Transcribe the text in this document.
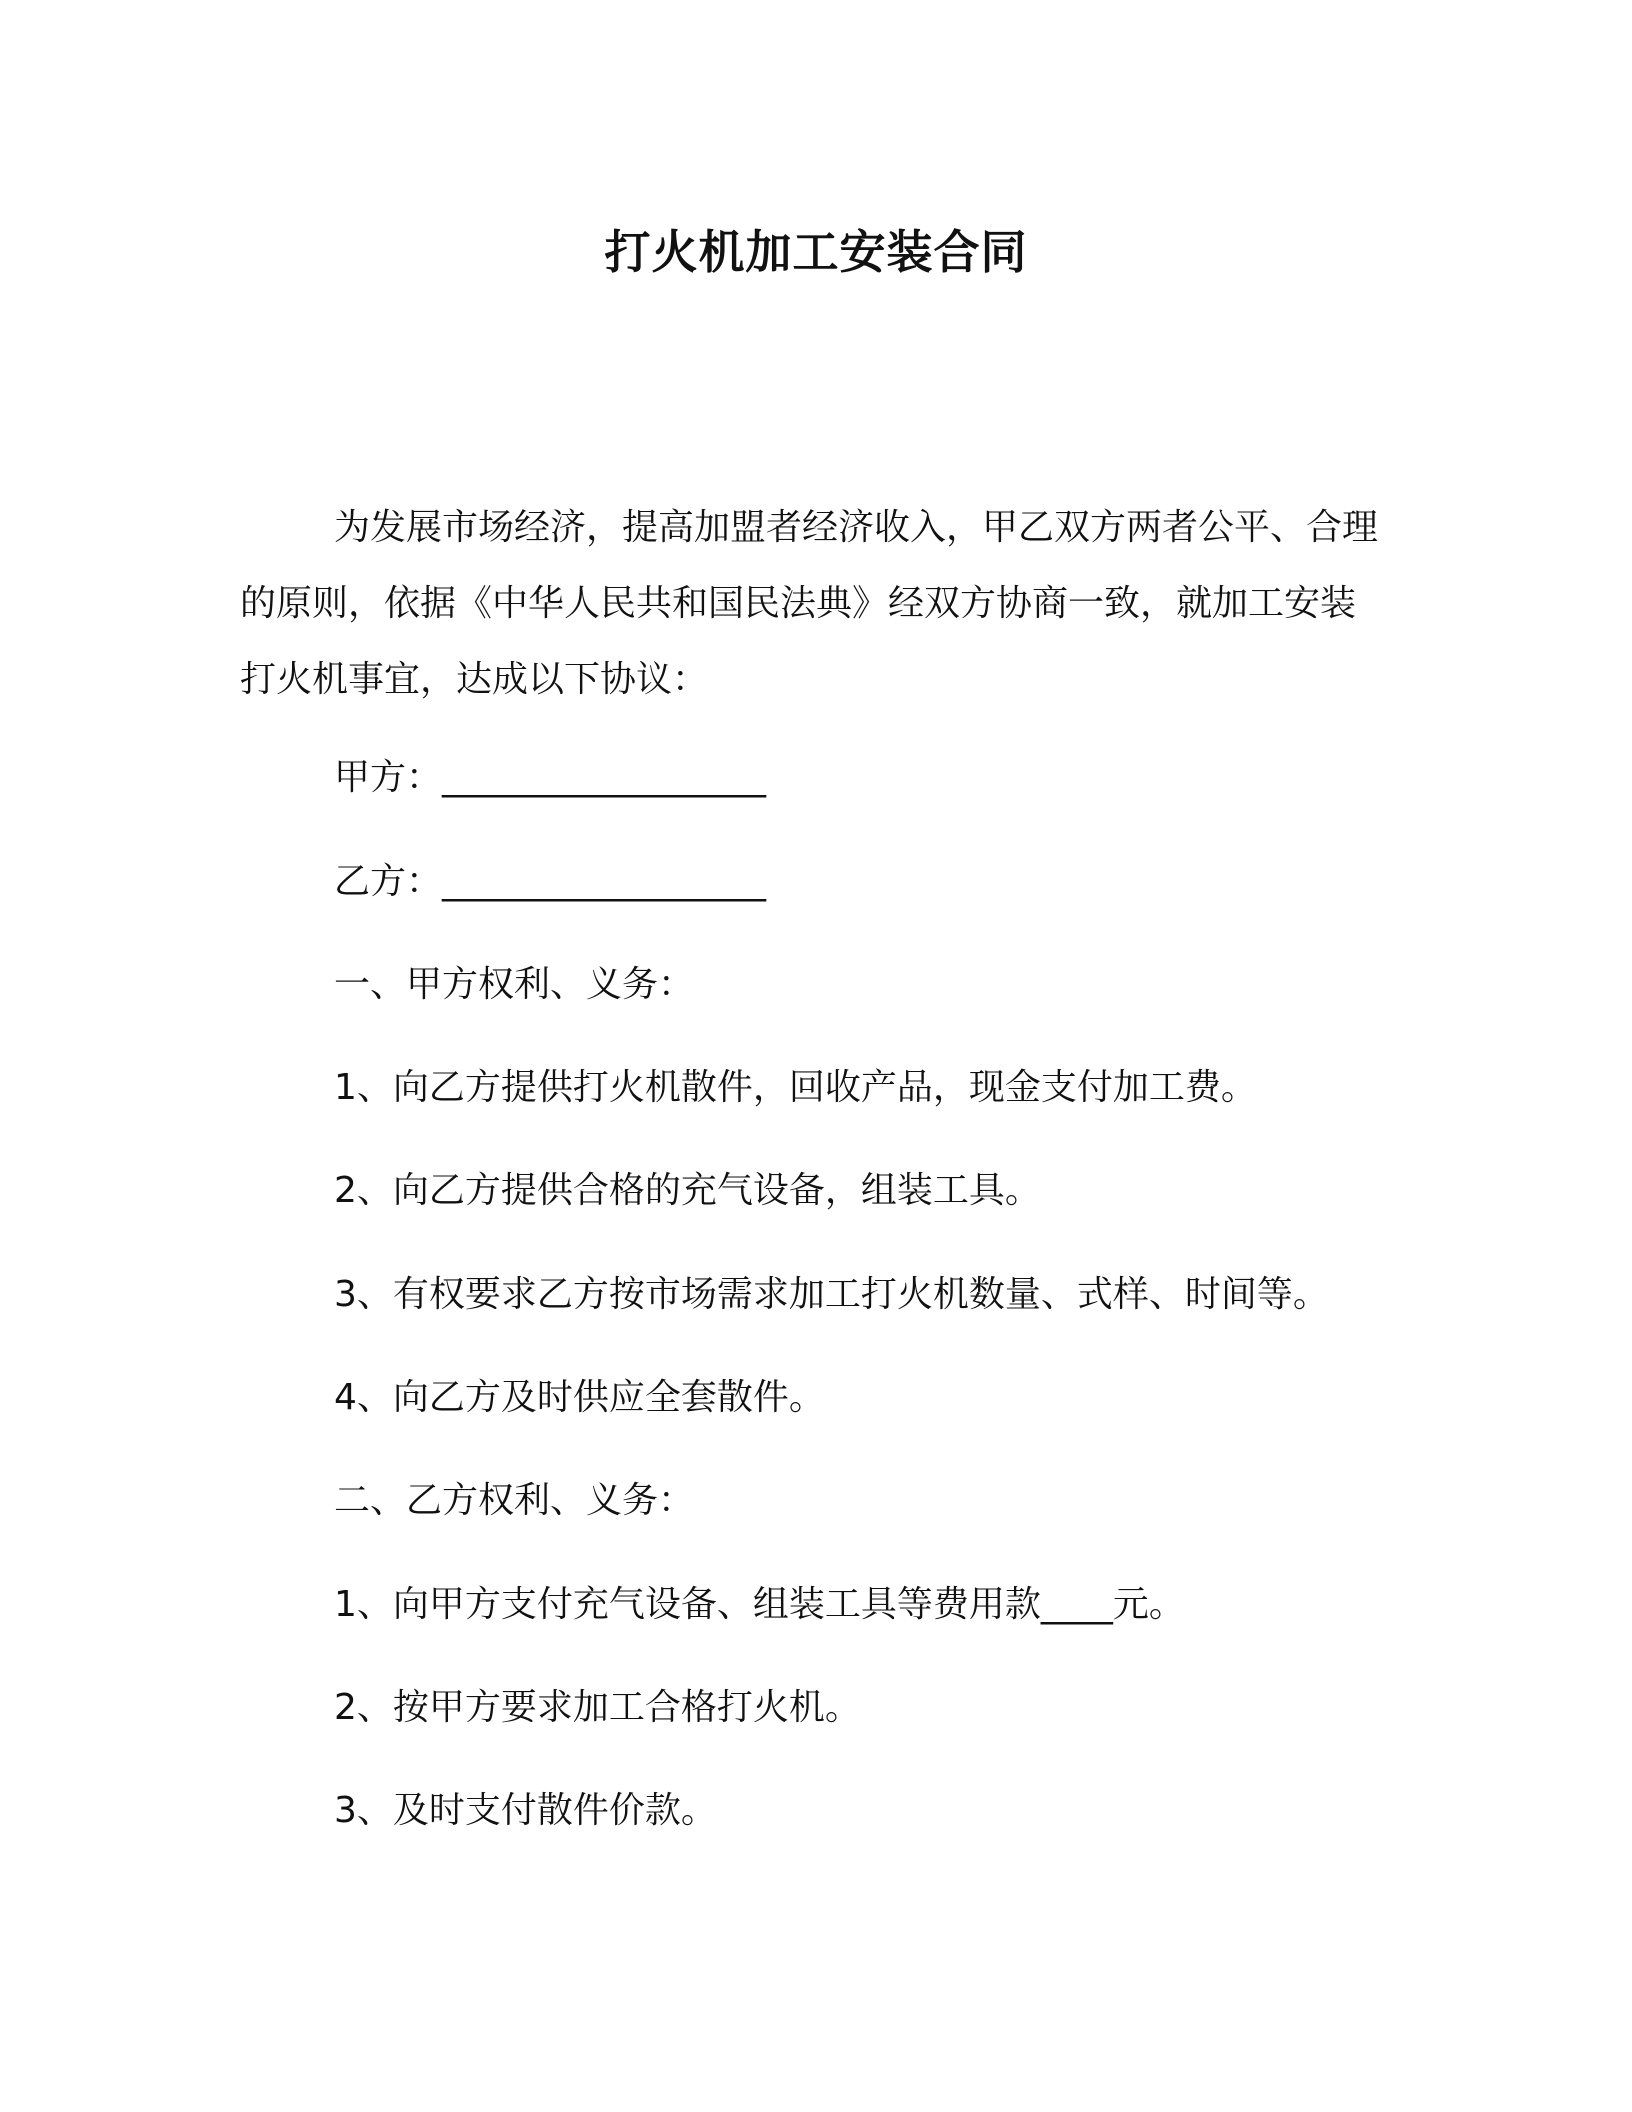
打火机加工安装合同
为发展市场经济，提高加盟者经济收入，甲乙双方两者公平、合理的原则，依据《中华人民共和国民法典》经双方协商一致，就加工安装打火机事宜，达成以下协议：
甲方：__________________
乙方：__________________
一、甲方权利、义务：
1、向乙方提供打火机散件，回收产品，现金支付加工费。
2、向乙方提供合格的充气设备，组装工具。
3、有权要求乙方按市场需求加工打火机数量、式样、时间等。
4、向乙方及时供应全套散件。
二、乙方权利、义务：
1、向甲方支付充气设备、组装工具等费用款____元。
2、按甲方要求加工合格打火机。
3、及时支付散件价款。
